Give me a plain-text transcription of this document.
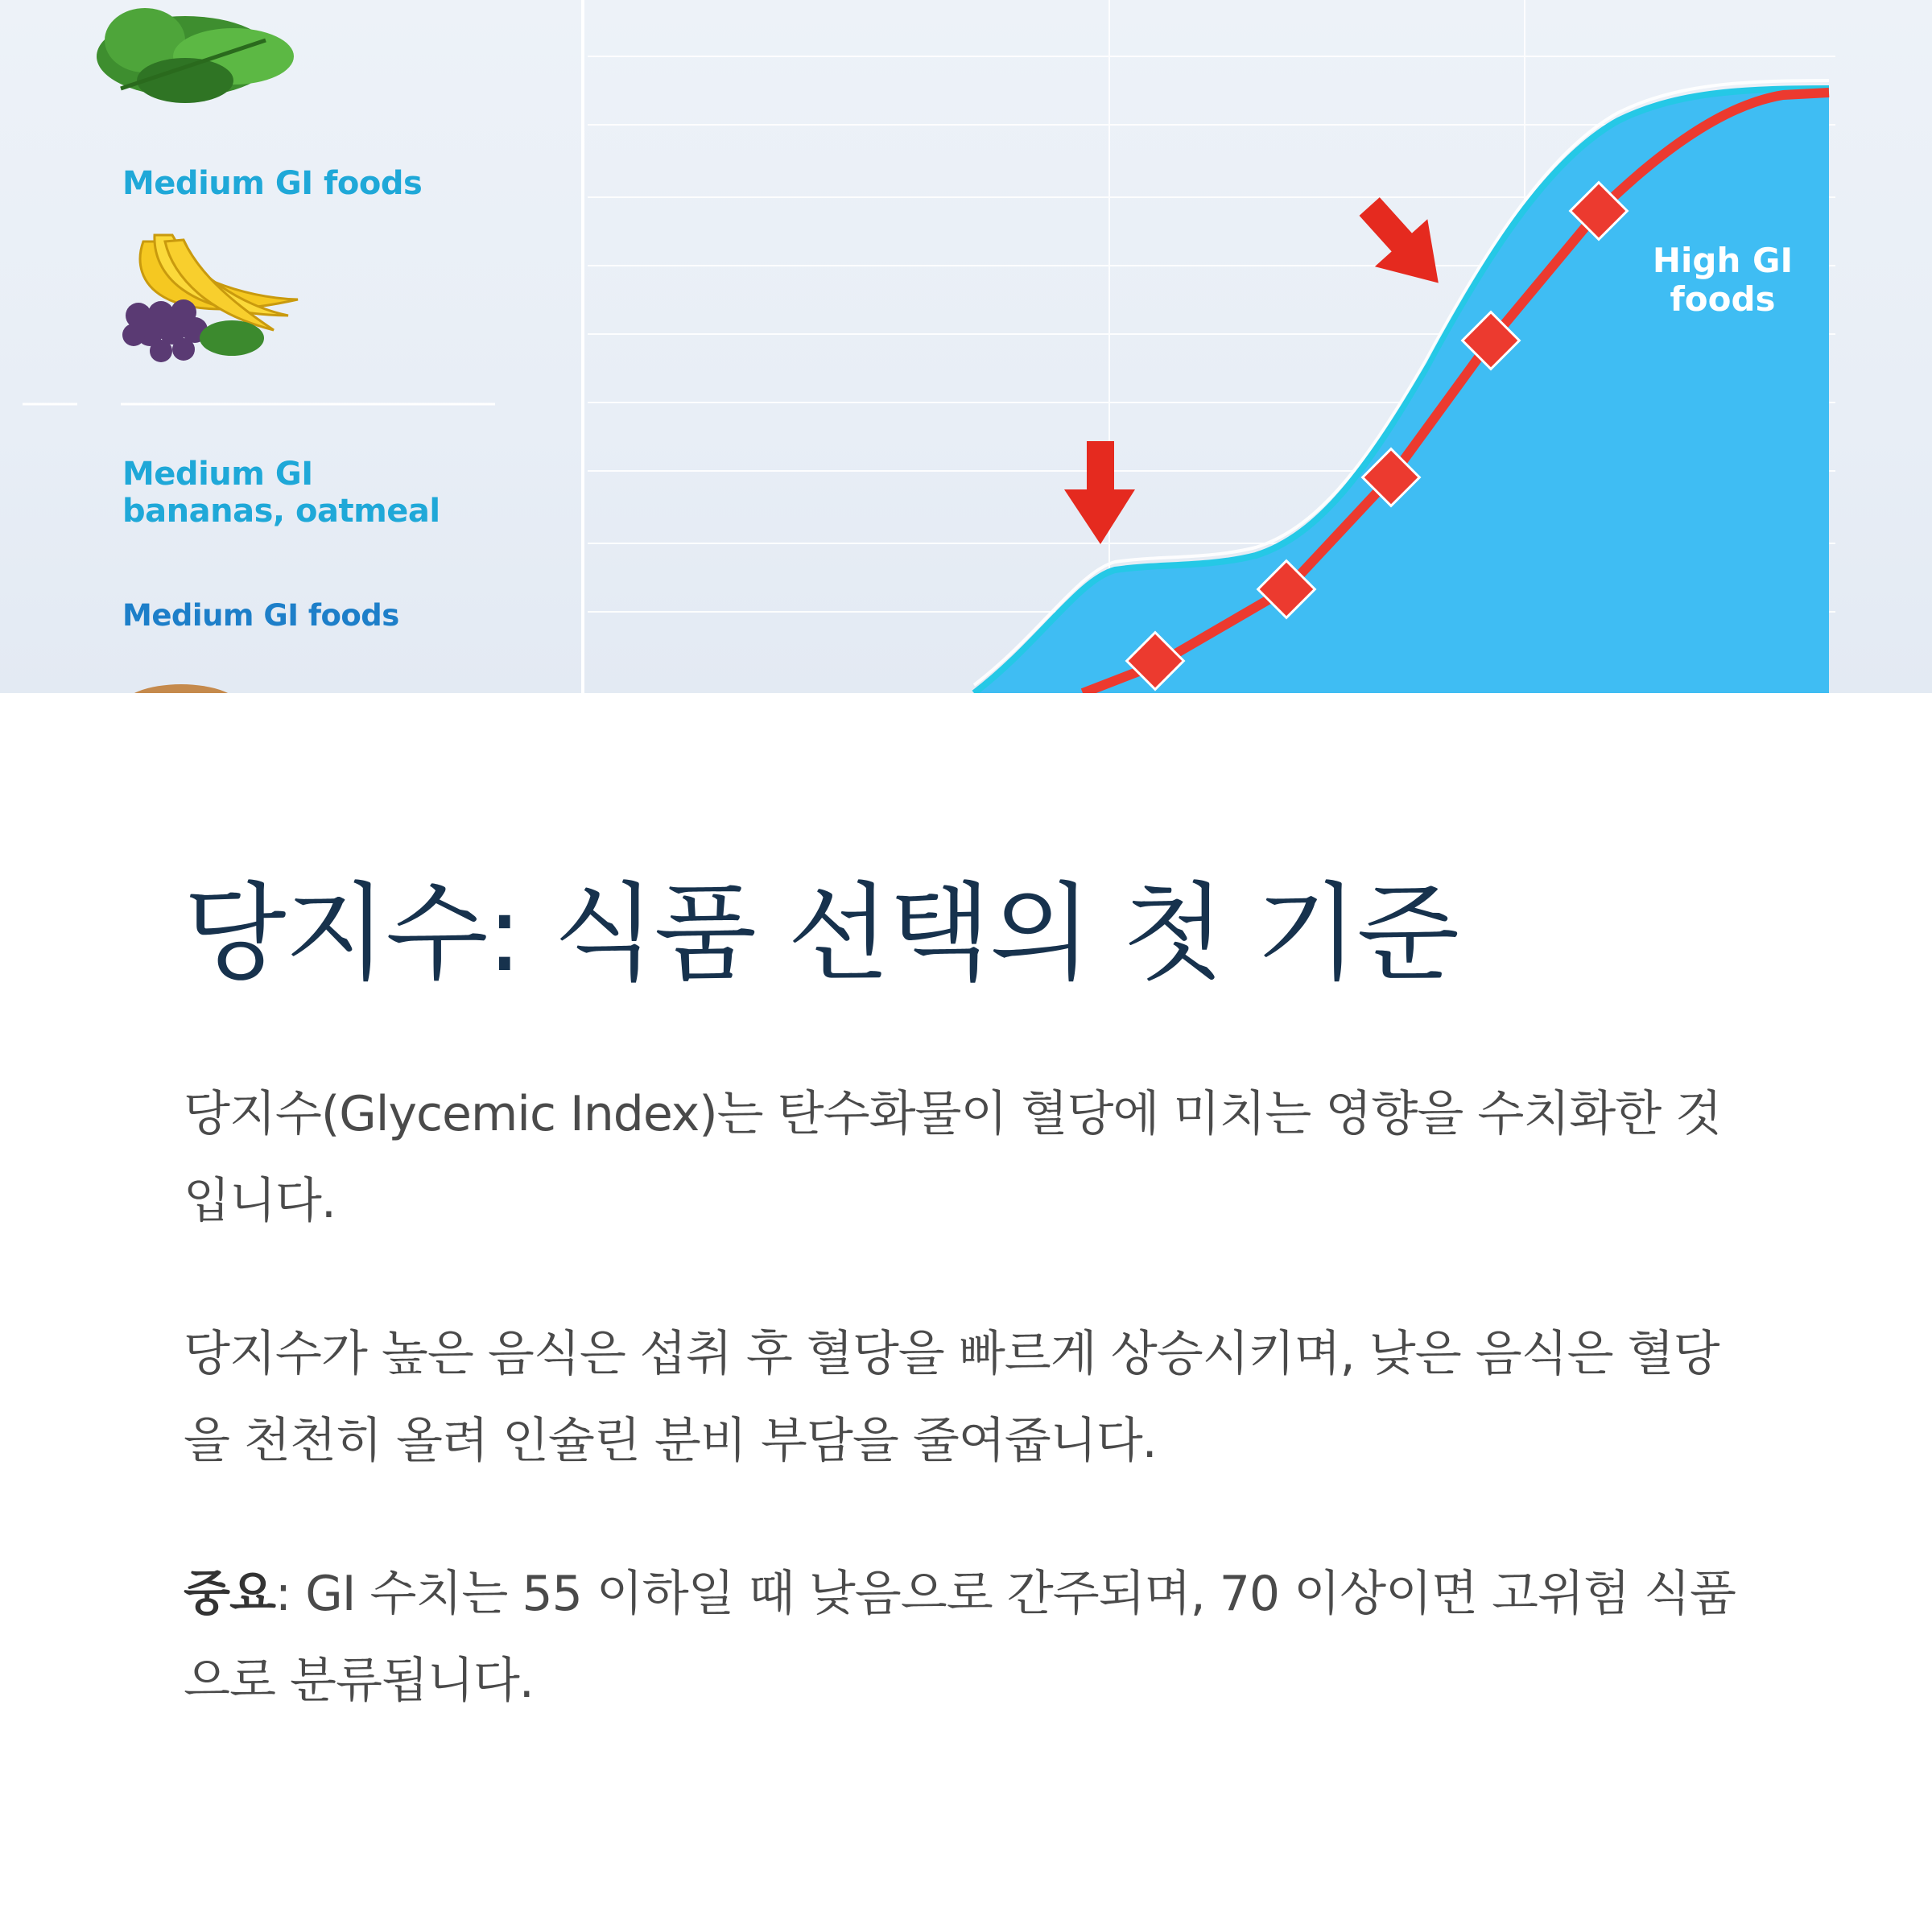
Medium GI foods
Medium GI
bananas, oatmeal
Medium GI foods
High GI
foods
당지수: 식품 선택의 첫 기준

당지수(Glycemic Index)는 탄수화물이 혈당에 미치는 영향을 수치화한 것입니다.

당지수가 높은 음식은 섭취 후 혈당을 빠르게 상승시키며, 낮은 음식은 혈당을 천천히 올려 인슐린 분비 부담을 줄여줍니다.

중요: GI 수치는 55 이하일 때 낮음으로 간주되며, 70 이상이면 고위험 식품으로 분류됩니다.
